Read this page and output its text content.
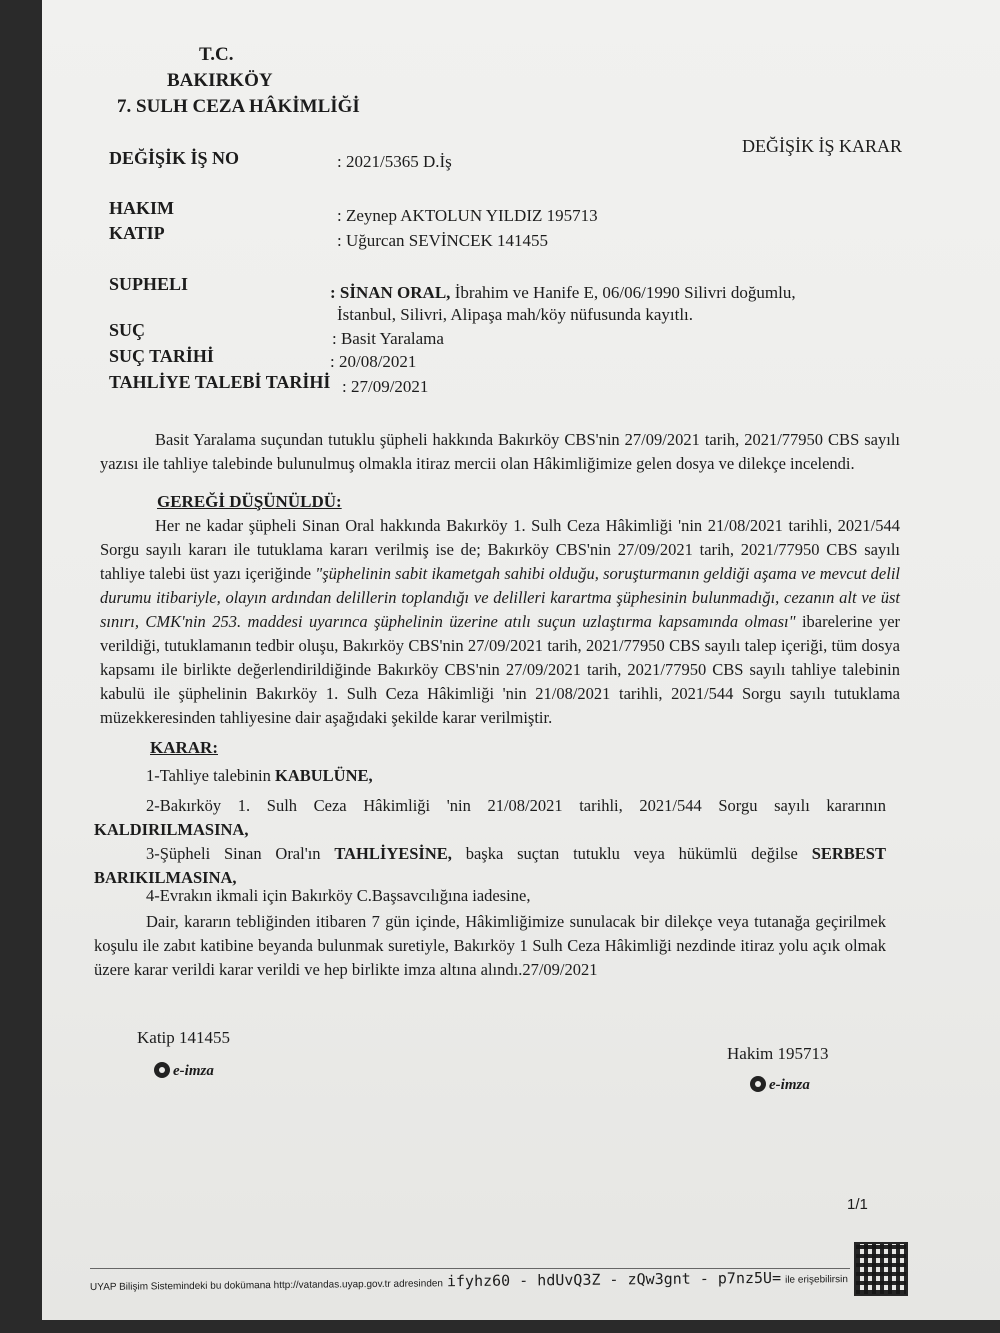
T.C.
BAKIRKÖY
7. SULH CEZA HÂKİMLİĞİ
DEĞİŞİK İŞ KARAR
DEĞİŞİK İŞ NO	: 2021/5365 D.İş
HAKIM	: Zeynep AKTOLUN YILDIZ 195713
KATIP	: Uğurcan SEVİNCEK 141455
SUPHELI	: SİNAN ORAL, İbrahim ve Hanife E, 06/06/1990 Silivri doğumlu,
İstanbul, Silivri, Alipaşa mah/köy nüfusunda kayıtlı.
SUÇ	: Basit Yaralama
SUÇ TARİHİ	: 20/08/2021
TAHLİYE TALEBİ TARİHİ : 27/09/2021

Basit Yaralama suçundan tutuklu şüpheli hakkında Bakırköy CBS'nin 27/09/2021 tarih, 2021/77950 CBS sayılı yazısı ile tahliye talebinde bulunulmuş olmakla itiraz mercii olan Hâkimliğimize gelen dosya ve dilekçe incelendi.

GEREĞİ DÜŞÜNÜLDÜ:

Her ne kadar şüpheli Sinan Oral hakkında Bakırköy 1. Sulh Ceza Hâkimliği 'nin 21/08/2021 tarihli, 2021/544 Sorgu sayılı kararı ile tutuklama kararı verilmiş ise de; Bakırköy CBS'nin 27/09/2021 tarih, 2021/77950 CBS sayılı tahliye talebi üst yazı içeriğinde "şüphelinin sabit ikametgah sahibi olduğu, soruşturmanın geldiği aşama ve mevcut delil durumu itibariyle, olayın ardından delillerin toplandığı ve delilleri karartma şüphesinin bulunmadığı, cezanın alt ve üst sınırı, CMK'nin 253. maddesi uyarınca şüphelinin üzerine atılı suçun uzlaştırma kapsamında olması" ibarelerine yer verildiği, tutuklamanın tedbir oluşu, Bakırköy CBS'nin 27/09/2021 tarih, 2021/77950 CBS sayılı talep içeriği, tüm dosya kapsamı ile birlikte değerlendirildiğinde Bakırköy CBS'nin 27/09/2021 tarih, 2021/77950 CBS sayılı tahliye talebinin kabulü ile şüphelinin Bakırköy 1. Sulh Ceza Hâkimliği 'nin 21/08/2021 tarihli, 2021/544 Sorgu sayılı tutuklama müzekkeresinden tahliyesine dair aşağıdaki şekilde karar verilmiştir.

KARAR:

1-Tahliye talebinin KABULÜNE,

2-Bakırköy 1. Sulh Ceza Hâkimliği 'nin 21/08/2021 tarihli, 2021/544 Sorgu sayılı kararının KALDIRILMASINA,

3-Şüpheli Sinan Oral'ın TAHLİYESİNE, başka suçtan tutuklu veya hükümlü değilse SERBEST BARIKILMASINA,

4-Evrakın ikmali için Bakırköy C.Başsavcılığına iadesine,

Dair, kararın tebliğinden itibaren 7 gün içinde, Hâkimliğimize sunulacak bir dilekçe veya tutanağa geçirilmek koşulu ile zabıt katibine beyanda bulunmak suretiyle, Bakırköy 1 Sulh Ceza Hâkimliği nezdinde itiraz yolu açık olmak üzere karar verildi karar verildi ve hep birlikte imza altına alındı.27/09/2021

Katip 141455
e-imza
Hakim 195713
e-imza
1/1
UYAP Bilişim Sistemindeki bu dokümana http://vatandas.uyap.gov.tr adresinden ifyhz60 - hdUvQ3Z - zQw3gnt - p7nz5U= ile erişebilirsin
